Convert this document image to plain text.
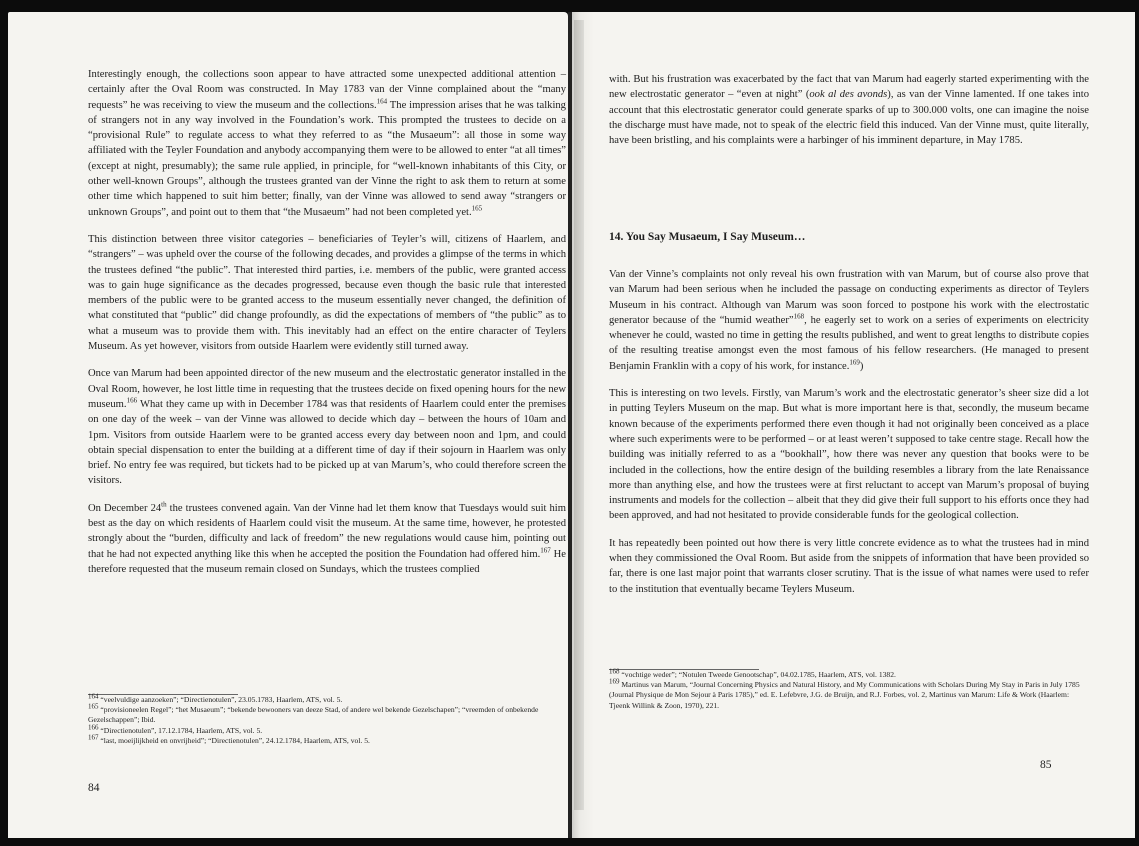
Interestingly enough, the collections soon appear to have attracted some unexpected additional attention – certainly after the Oval Room was constructed. In May 1783 van der Vinne complained about the “many requests” he was receiving to view the museum and the collections.$^{164}$ The impression arises that he was talking of strangers not in any way involved in the Foundation’s work. This prompted the trustees to decide on a “provisional Rule” to regulate access to what they referred to as “the Musaeum”: all those in some way affiliated with the Teyler Foundation and anybody accompanying them were to be allowed to enter “at all times” (except at night, presumably); the same rule applied, in principle, for “well-known inhabitants of this City, or other well-known Groups”, although the trustees granted van der Vinne the right to ask them to return at some other time which happened to suit him better; finally, van der Vinne was allowed to send away “strangers or unknown Groups”, and point out to them that “the Musaeum” had not been completed yet.$^{165}$

This distinction between three visitor categories – beneficiaries of Teyler’s will, citizens of Haarlem, and “strangers” – was upheld over the course of the following decades, and provides a glimpse of the terms in which the trustees defined “the public”. That interested third parties, i.e. members of the public, were granted access was to gain huge significance as the decades progressed, because even though the basic rule that interested members of the public were to be granted access to the museum essentially never changed, the definition of what constituted that “public” did change profoundly, as did the expectations of members of “the public” as to what a museum was to provide them with. This inevitably had an effect on the entire character of Teylers Museum. As yet however, visitors from outside Haarlem were evidently still turned away.

Once van Marum had been appointed director of the new museum and the electrostatic generator installed in the Oval Room, however, he lost little time in requesting that the trustees decide on fixed opening hours for the new museum.$^{166}$ What they came up with in December 1784 was that residents of Haarlem could enter the premises on one day of the week – van der Vinne was allowed to decide which day – between the hours of 10am and 1pm. Visitors from outside Haarlem were to be granted access every day between noon and 1pm, and could obtain special dispensation to enter the building at a different time of day if their sojourn in Haarlem was only brief. No entry fee was required, but tickets had to be picked up at van Marum’s, who could therefore screen the visitors.

On December 24th the trustees convened again. Van der Vinne had let them know that Tuesdays would suit him best as the day on which residents of Haarlem could visit the museum. At the same time, however, he protested strongly about the “burden, difficulty and lack of freedom” the new regulations would cause him, pointing out that he had not expected anything like this when he accepted the position the Foundation had offered him.$^{167}$ He therefore requested that the museum remain closed on Sundays, which the trustees complied

$^{164}$ “veelvuldige aanzoeken”; “Directienotulen”, 23.05.1783, Haarlem, ATS, vol. 5.
$^{165}$ “provisioneelen Regel”; “het Musaeum”; “bekende bewooners van deeze Stad, of andere wel bekende Gezelschapen”; “vreemden of onbekende Gezelschappen”; Ibid.
$^{166}$ “Directienotulen”, 17.12.1784, Haarlem, ATS, vol. 5.
$^{167}$ “last, moeijlijkheid en onvrijheid”; “Directienotulen”, 24.12.1784, Haarlem, ATS, vol. 5.
84

with. But his frustration was exacerbated by the fact that van Marum had eagerly started experimenting with the new electrostatic generator – “even at night” (ook al des avonds), as van der Vinne lamented. If one takes into account that this electrostatic generator could generate sparks of up to 300.000 volts, one can imagine the noise the discharge must have made, not to speak of the electric field this induced. Van der Vinne must, quite literally, have been bristling, and his complaints were a harbinger of his imminent departure, in May 1785.

14. You Say Musaeum, I Say Museum…

Van der Vinne’s complaints not only reveal his own frustration with van Marum, but of course also prove that van Marum had been serious when he included the passage on conducting experiments as director of Teylers Museum in his contract. Although van Marum was soon forced to postpone his work with the electrostatic generator because of the “humid weather”$^{168}$, he eagerly set to work on a series of experiments on electricity whenever he could, wasted no time in getting the results published, and went to great lengths to distribute copies of the resulting treatise amongst even the most famous of his fellow researchers. (He managed to present Benjamin Franklin with a copy of his work, for instance.$^{169}$)

This is interesting on two levels. Firstly, van Marum’s work and the electrostatic generator’s sheer size did a lot in putting Teylers Museum on the map. But what is more important here is that, secondly, the museum became known because of the experiments performed there even though it had not originally been conceived as a place where such experiments were to be performed – or at least weren’t supposed to take centre stage. Recall how the building was initially referred to as a “bookhall”, how there was never any question that books were to be included in the collections, how the entire design of the building resembles a library from the late Renaissance more than anything else, and how the trustees were at first reluctant to accept van Marum’s proposal of buying instruments and models for the collection – albeit that they did give their full support to his efforts once they had been approved, and had not hesitated to provide considerable funds for the geological collection.

It has repeatedly been pointed out how there is very little concrete evidence as to what the trustees had in mind when they commissioned the Oval Room. But aside from the snippets of information that have been provided so far, there is one last major point that warrants closer scrutiny. That is the issue of what names were used to refer to the institution that eventually became Teylers Museum.

$^{168}$ “vochtige weder”; “Notulen Tweede Genootschap”, 04.02.1785, Haarlem, ATS, vol. 1382.
$^{169}$ Martinus van Marum, “Journal Concerning Physics and Natural History, and My Communications with Scholars During My Stay in Paris in July 1785 (Journal Physique de Mon Sejour à Paris 1785),” ed. E. Lefebvre, J.G. de Bruijn, and R.J. Forbes, vol. 2, Martinus van Marum: Life & Work (Haarlem: Tjeenk Willink & Zoon, 1970), 221.
85
